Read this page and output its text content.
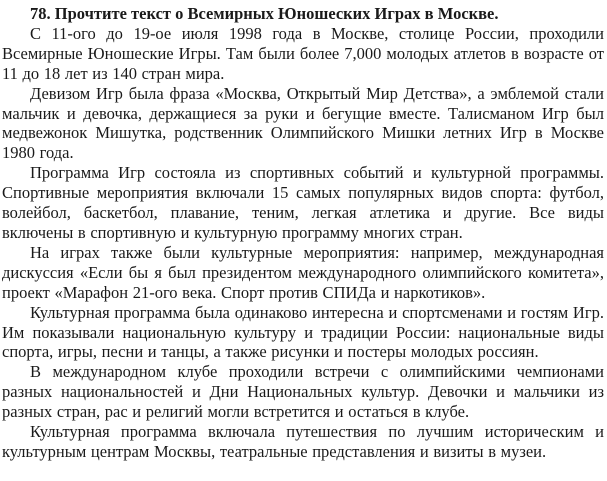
78. Прочтите текст о Всемирных Юношеских Играх в Москве.

С 11-ого до 19-ое июля 1998 года в Москве, столице России, проходили Всемирные Юношеские Игры. Там были более 7,000 молодых атлетов в возрасте от 11 до 18 лет из 140 стран мира.

Девизом Игр была фраза «Москва, Открытый Мир Детства», а эмблемой стали мальчик и девочка, держащиеся за руки и бегущие вместе. Талисманом Игр был медвежонок Мишутка, родственник Олимпийского Мишки летних Игр в Москве 1980 года.

Программа Игр состояла из спортивных событий и культурной программы. Спортивные мероприятия включали 15 самых популярных видов спорта: футбол, волейбол, баскетбол, плавание, теним, легкая атлетика и другие. Все виды включены в спортивную и культурную программу многих стран.

На играх также были культурные мероприятия: например, международная дискуссия «Если бы я был президентом международного олимпийского комитета», проект «Марафон 21-ого века. Спорт против СПИДа и наркотиков».

Культурная программа была одинаково интересна и спортсменами и гостям Игр. Им показывали национальную культуру и традиции России: национальные виды спорта, игры, песни и танцы, а также рисунки и постеры молодых россиян.

В международном клубе проходили встречи с олимпийскими чемпионами разных национальностей и Дни Национальных культур. Девочки и мальчики из разных стран, рас и религий могли встретится и остаться в клубе.

Культурная программа включала путешествия по лучшим историческим и культурным центрам Москвы, театральные представления и визиты в музеи.
